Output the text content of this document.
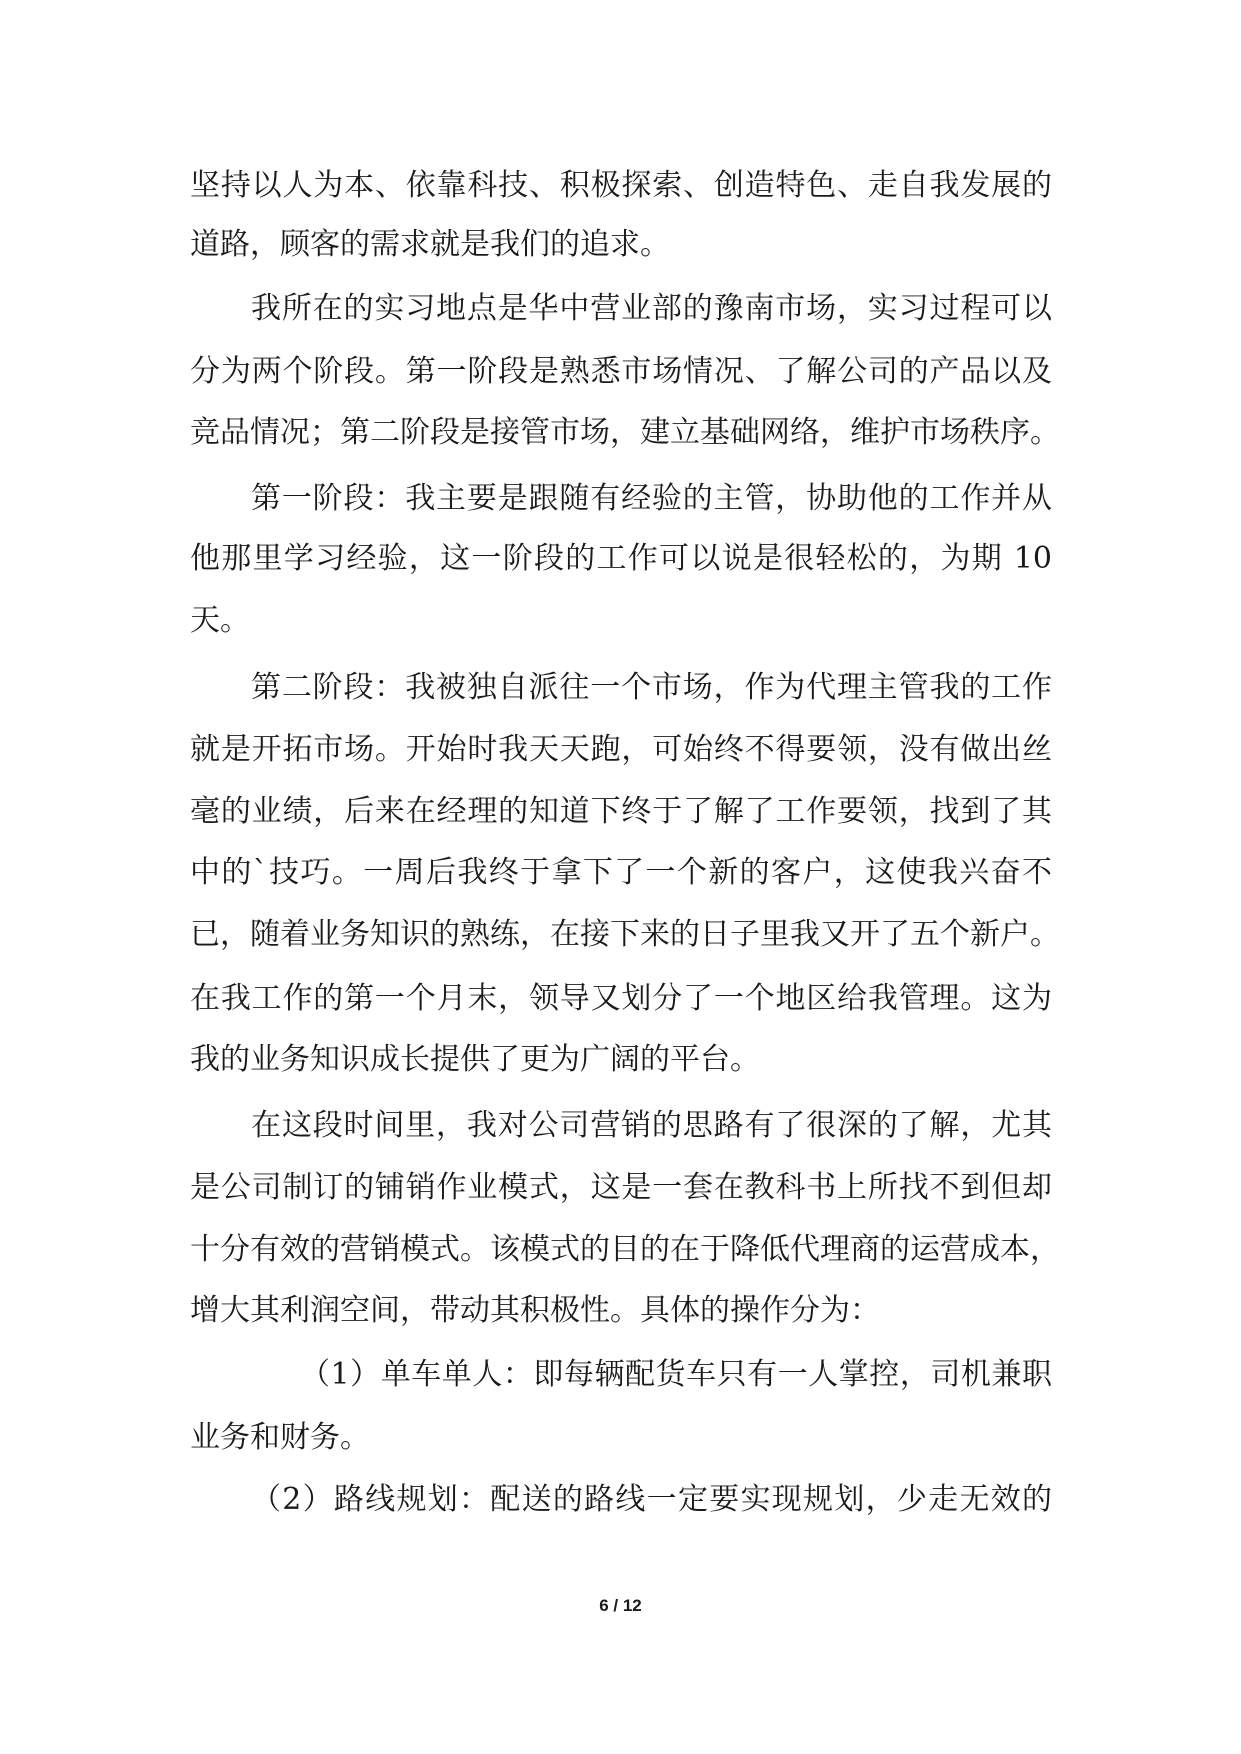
坚持以人为本、依靠科技、积极探索、创造特色、走自我发展的
道路，顾客的需求就是我们的追求。
我所在的实习地点是华中营业部的豫南市场，实习过程可以
分为两个阶段。第一阶段是熟悉市场情况、了解公司的产品以及
竞品情况；第二阶段是接管市场，建立基础网络，维护市场秩序。
第一阶段：我主要是跟随有经验的主管，协助他的工作并从
他那里学习经验，这一阶段的工作可以说是很轻松的，为期 10
天。
第二阶段：我被独自派往一个市场，作为代理主管我的工作
就是开拓市场。开始时我天天跑，可始终不得要领，没有做出丝
毫的业绩，后来在经理的知道下终于了解了工作要领，找到了其
中的`技巧。一周后我终于拿下了一个新的客户，这使我兴奋不
已，随着业务知识的熟练，在接下来的日子里我又开了五个新户。
在我工作的第一个月末，领导又划分了一个地区给我管理。这为
我的业务知识成长提供了更为广阔的平台。
在这段时间里，我对公司营销的思路有了很深的了解，尤其
是公司制订的铺销作业模式，这是一套在教科书上所找不到但却
十分有效的营销模式。该模式的目的在于降低代理商的运营成本，
增大其利润空间，带动其积极性。具体的操作分为：
（1）单车单人：即每辆配货车只有一人掌控，司机兼职
业务和财务。
（2）路线规划：配送的路线一定要实现规划，少走无效的
6 / 12
